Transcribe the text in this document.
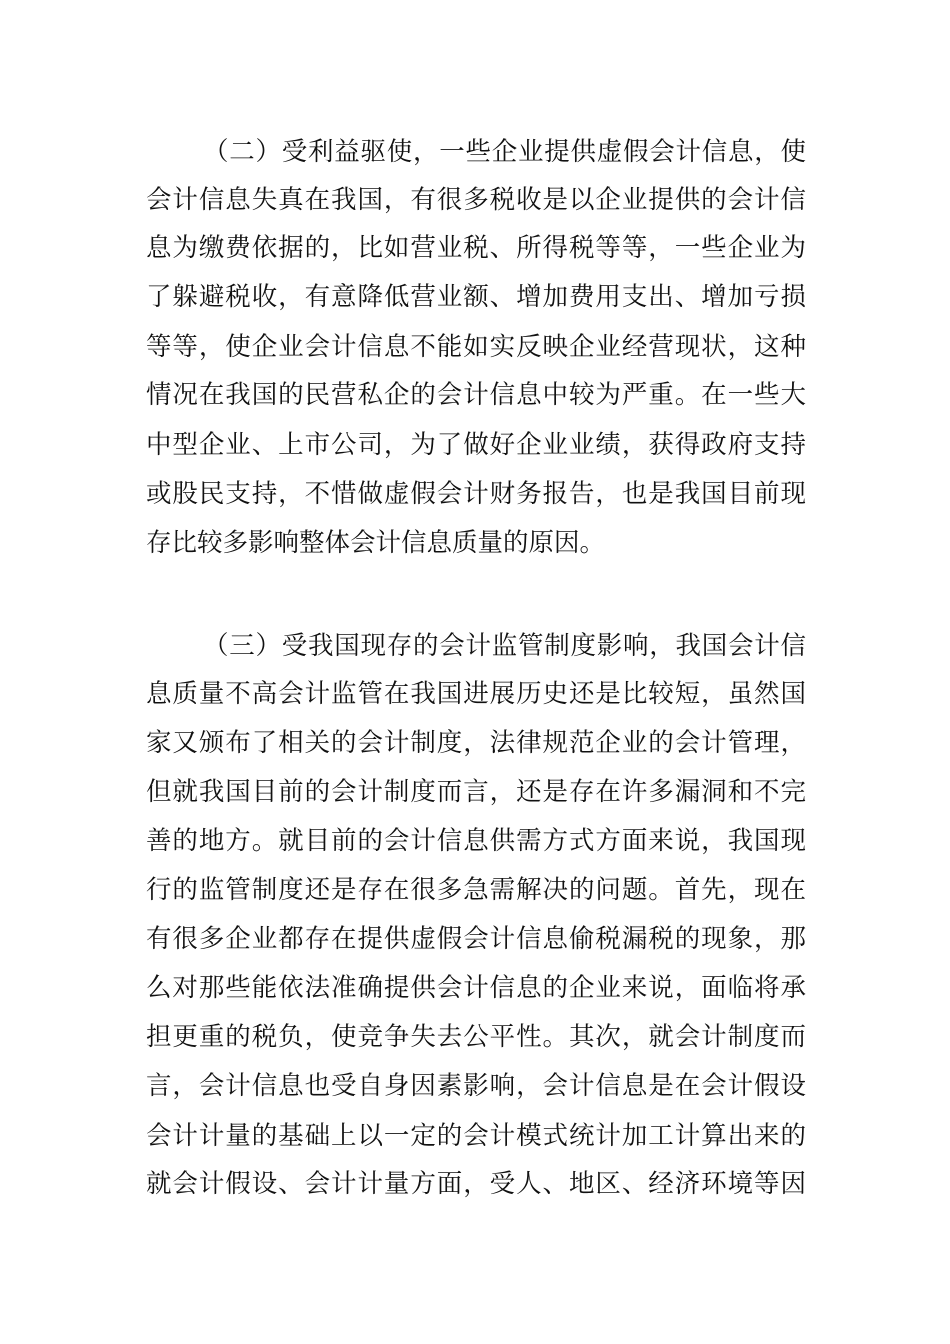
（二）受利益驱使，一些企业提供虚假会计信息，使
会计信息失真在我国，有很多税收是以企业提供的会计信
息为缴费依据的，比如营业税、所得税等等，一些企业为
了躲避税收，有意降低营业额、增加费用支出、增加亏损
等等，使企业会计信息不能如实反映企业经营现状，这种
情况在我国的民营私企的会计信息中较为严重。在一些大
中型企业、上市公司，为了做好企业业绩，获得政府支持
或股民支持，不惜做虚假会计财务报告，也是我国目前现
存比较多影响整体会计信息质量的原因。
（三）受我国现存的会计监管制度影响，我国会计信
息质量不高会计监管在我国进展历史还是比较短，虽然国
家又颁布了相关的会计制度，法律规范企业的会计管理，
但就我国目前的会计制度而言，还是存在许多漏洞和不完
善的地方。就目前的会计信息供需方式方面来说，我国现
行的监管制度还是存在很多急需解决的问题。首先，现在
有很多企业都存在提供虚假会计信息偷税漏税的现象，那
么对那些能依法准确提供会计信息的企业来说，面临将承
担更重的税负，使竞争失去公平性。其次，就会计制度而
言，会计信息也受自身因素影响，会计信息是在会计假设
会计计量的基础上以一定的会计模式统计加工计算出来的
就会计假设、会计计量方面，受人、地区、经济环境等因
